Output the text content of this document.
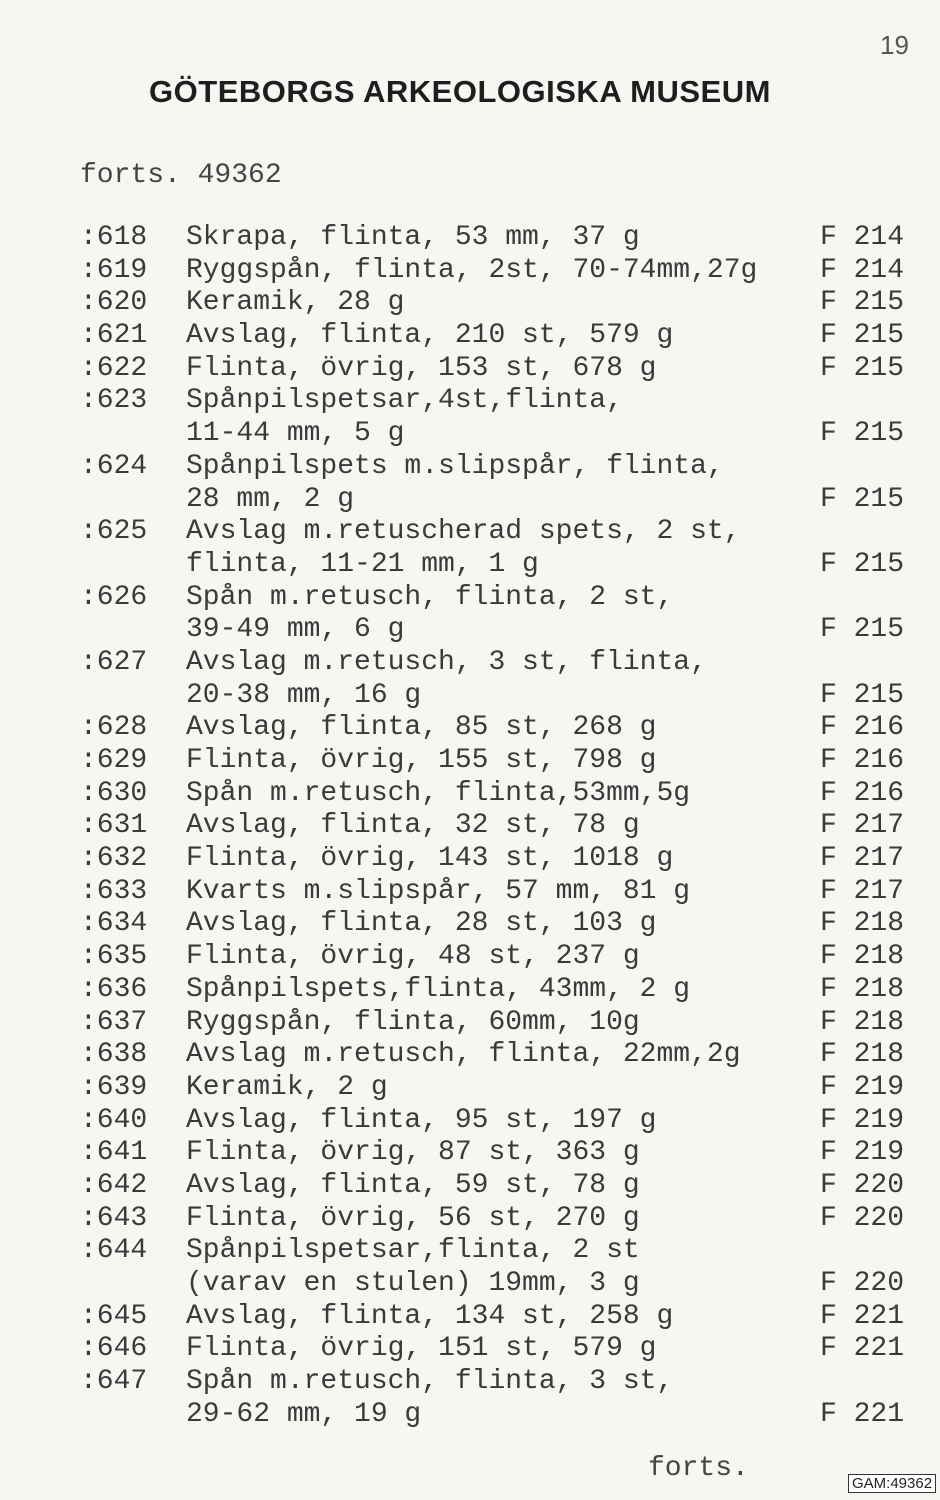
19
GÖTEBORGS ARKEOLOGISKA MUSEUM
forts. 49362
:618 Skrapa, flinta, 53 mm, 37 g	F 214
:619 Ryggspån, flinta, 2st, 70-74mm,27g F 214
:620 Keramik, 28 g	F 215
:621 Avslag, flinta, 210 st, 579 g	F 215
:622 Flinta, övrig, 153 st, 678 g	F 215
:623 Spånpilspetsar,4st,flinta,
11-44 mm, 5 g	F 215
:624 Spånpilspets m.slipspår, flinta,
28 mm, 2 g	F 215
:625 Avslag m.retuscherad spets, 2 st,
flinta, 11-21 mm, 1 g	F 215
:626 Spån m.retusch, flinta, 2 st,
39-49 mm, 6 g	F 215
:627 Avslag m.retusch, 3 st, flinta,
20-38 mm, 16 g	F 215
:628 Avslag, flinta, 85 st, 268 g	F 216
:629 Flinta, övrig, 155 st, 798 g	F 216
:630 Spån m.retusch, flinta,53mm,5g	F 216
:631 Avslag, flinta, 32 st, 78 g	F 217
:632 Flinta, övrig, 143 st, 1018 g	F 217
:633 Kvarts m.slipspår, 57 mm, 81 g	F 217
:634 Avslag, flinta, 28 st, 103 g	F 218
:635 Flinta, övrig, 48 st, 237 g	F 218
:636 Spånpilspets,flinta, 43mm, 2 g	F 218
:637 Ryggspån, flinta, 60mm, 10g	F 218
:638 Avslag m.retusch, flinta, 22mm,2g	F 218
:639 Keramik, 2 g	F 219
:640 Avslag, flinta, 95 st, 197 g	F 219
:641 Flinta, övrig, 87 st, 363 g	F 219
:642 Avslag, flinta, 59 st, 78 g	F 220
:643 Flinta, övrig, 56 st, 270 g	F 220
:644 Spånpilspetsar,flinta, 2 st
(varav en stulen) 19mm, 3 g	F 220
:645 Avslag, flinta, 134 st, 258 g	F 221
:646 Flinta, övrig, 151 st, 579 g	F 221
:647 Spån m.retusch, flinta, 3 st,
29-62 mm, 19 g	F 221
forts.	GAM:49362
